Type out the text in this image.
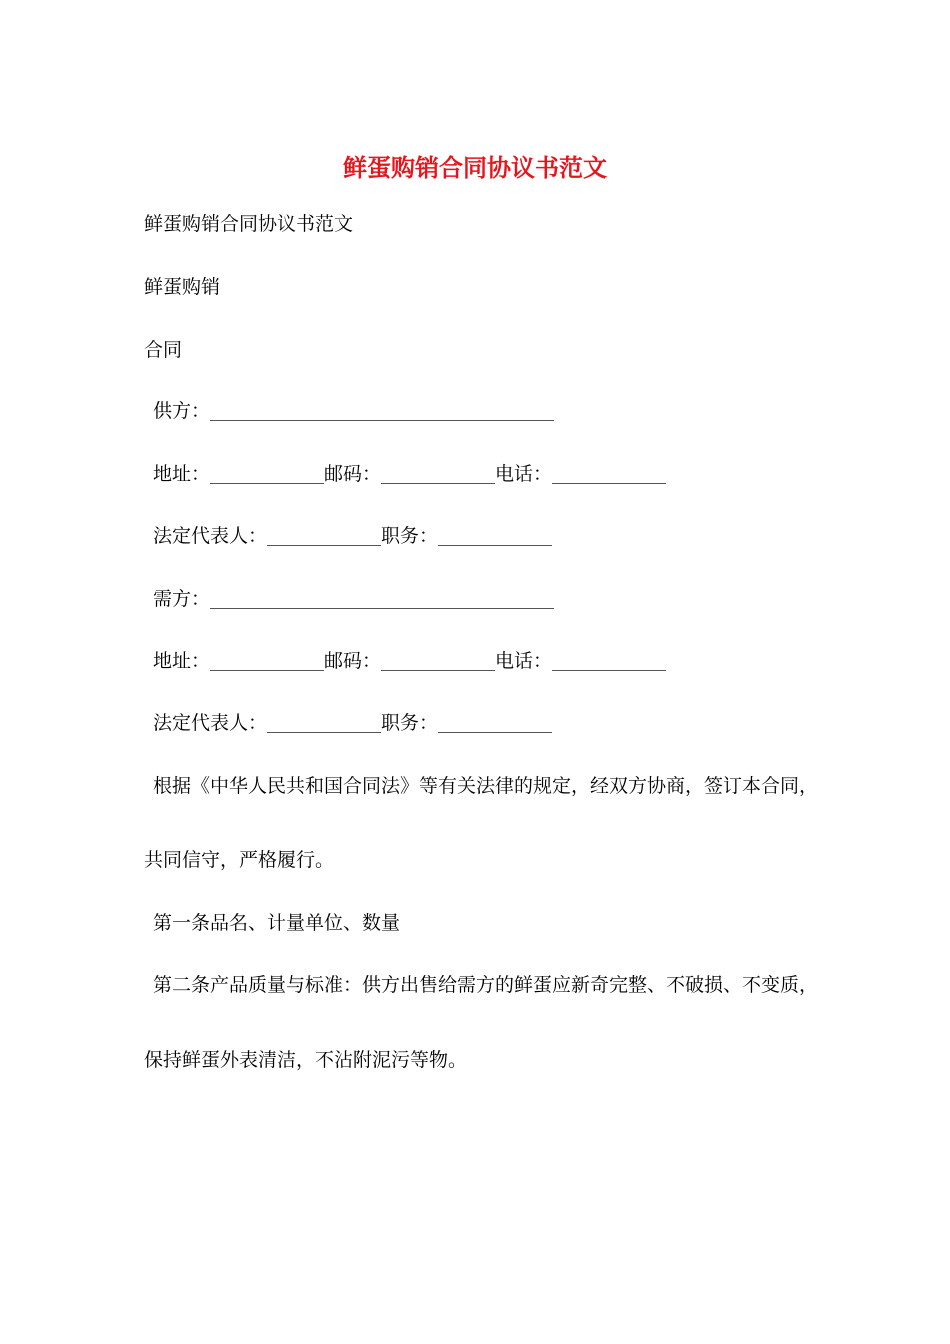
鲜蛋购销合同协议书范文
鲜蛋购销合同协议书范文
鲜蛋购销
合同
供方：
地址：	邮码：	电话：
法定代表人：	职务：
需方：
地址：	邮码：	电话：
法定代表人：	职务：
根据《中华人民共和国合同法》等有关法律的规定，经双方协商，签订本合同，
共同信守，严格履行。
第一条品名、计量单位、数量
第二条产品质量与标准：供方出售给需方的鲜蛋应新奇完整、不破损、不变质，
保持鲜蛋外表清洁，不沾附泥污等物。
